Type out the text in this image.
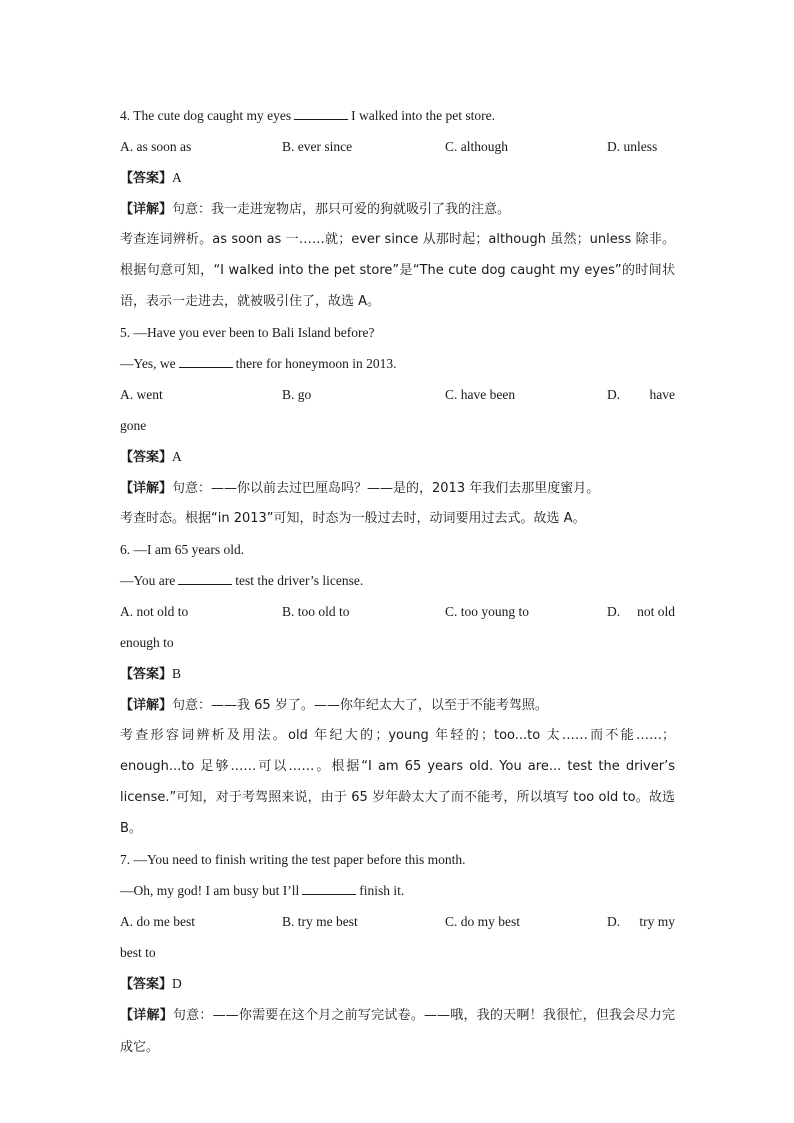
4. The cute dog caught my eyes	I walked into the pet store.
A. as soon as	B. ever since	C. although	D. unless
【答案】A
【详解】句意：我一走进宠物店，那只可爱的狗就吸引了我的注意。
考查连词辨析。as soon as 一……就；ever since 从那时起；although 虽然；unless 除非。根据句意可知，“I walked into the pet store”是“The cute dog caught my eyes”的时间状语，表示一走进去，就被吸引住了，故选 A。
5. —Have you ever been to Bali Island before?
—Yes, we	there for honeymoon in 2013.
A. went	B. go	C. have been	D. have
gone
【答案】A
【详解】句意：——你以前去过巴厘岛吗？——是的，2013 年我们去那里度蜜月。
考查时态。根据“in 2013”可知，时态为一般过去时，动词要用过去式。故选 A。
6. —I am 65 years old.
—You are	test the driver’s license.
A. not old to	B. too old to	C. too young to	D. not old
enough to
【答案】B
【详解】句意：——我 65 岁了。——你年纪太大了，以至于不能考驾照。
考查形容词辨析及用法。old 年纪大的；young 年轻的；too...to 太……而不能……；enough...to 足够……可以……。根据“I am 65 years old. You are... test the driver’s license.”可知，对于考驾照来说，由于 65 岁年龄太大了而不能考，所以填写 too old to。故选 B。
7. —You need to finish writing the test paper before this month.
—Oh, my god! I am busy but I’ll	finish it.
A. do me best	B. try me best	C. do my best	D. try my
best to
【答案】D
【详解】句意：——你需要在这个月之前写完试卷。——哦，我的天啊！我很忙，但我会尽力完成它。
